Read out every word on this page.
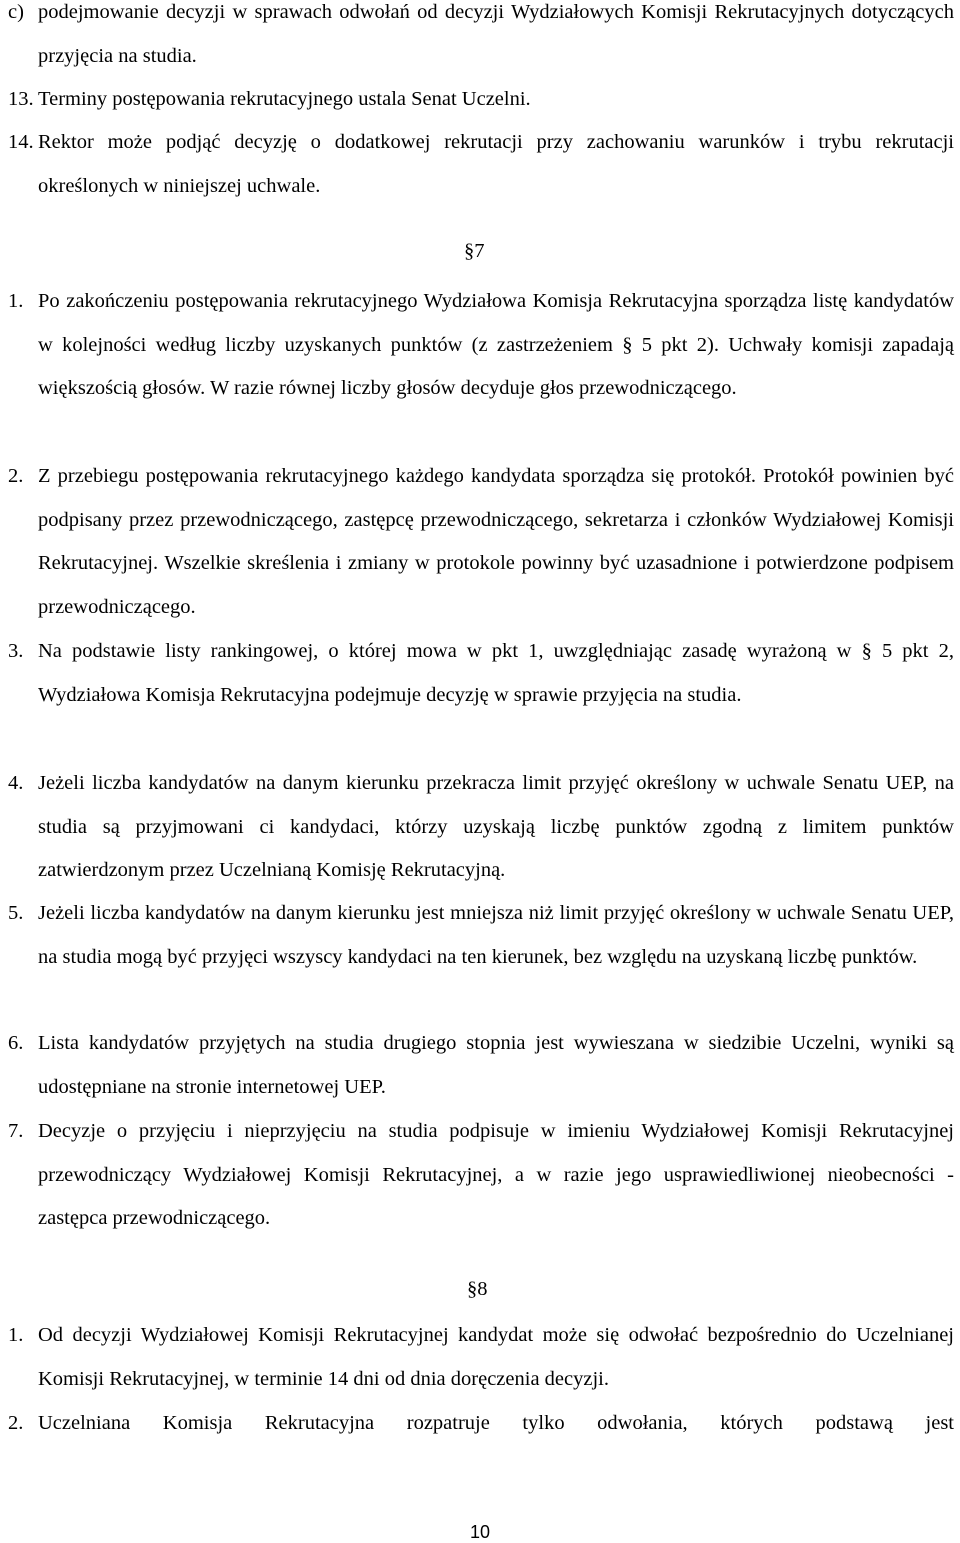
c) podejmowanie decyzji w sprawach odwołań od decyzji Wydziałowych Komisji Rekrutacyjnych dotyczących przyjęcia na studia.
13. Terminy postępowania rekrutacyjnego ustala Senat Uczelni.
14. Rektor może podjąć decyzję o dodatkowej rekrutacji przy zachowaniu warunków i trybu rekrutacji określonych w niniejszej uchwale.
§7
1. Po zakończeniu postępowania rekrutacyjnego Wydziałowa Komisja Rekrutacyjna sporządza listę kandydatów w kolejności według liczby uzyskanych punktów (z zastrzeżeniem § 5 pkt 2). Uchwały komisji zapadają większością głosów. W razie równej liczby głosów decyduje głos przewodniczącego.
2. Z przebiegu postępowania rekrutacyjnego każdego kandydata sporządza się protokół. Protokół powinien być podpisany przez przewodniczącego, zastępcę przewodniczącego, sekretarza i członków Wydziałowej Komisji Rekrutacyjnej. Wszelkie skreślenia i zmiany w protokole powinny być uzasadnione i potwierdzone podpisem przewodniczącego.
3. Na podstawie listy rankingowej, o której mowa w pkt 1, uwzględniając zasadę wyrażoną w § 5 pkt 2, Wydziałowa Komisja Rekrutacyjna podejmuje decyzję w sprawie przyjęcia na studia.
4. Jeżeli liczba kandydatów na danym kierunku przekracza limit przyjęć określony w uchwale Senatu UEP, na studia są przyjmowani ci kandydaci, którzy uzyskają liczbę punktów zgodną z limitem punktów zatwierdzonym przez Uczelnianą Komisję Rekrutacyjną.
5. Jeżeli liczba kandydatów na danym kierunku jest mniejsza niż limit przyjęć określony w uchwale Senatu UEP, na studia mogą być przyjęci wszyscy kandydaci na ten kierunek, bez względu na uzyskaną liczbę punktów.
6. Lista kandydatów przyjętych na studia drugiego stopnia jest wywieszana w siedzibie Uczelni, wyniki są udostępniane na stronie internetowej UEP.
7. Decyzje o przyjęciu i nieprzyjęciu na studia podpisuje w imieniu Wydziałowej Komisji Rekrutacyjnej przewodniczący Wydziałowej Komisji Rekrutacyjnej, a w razie jego usprawiedliwionej nieobecności - zastępca przewodniczącego.
§8
1. Od decyzji Wydziałowej Komisji Rekrutacyjnej kandydat może się odwołać bezpośrednio do Uczelnianej Komisji Rekrutacyjnej, w terminie 14 dni od dnia doręczenia decyzji.
2. Uczelniana Komisja Rekrutacyjna rozpatruje tylko odwołania, których podstawą jest
10
